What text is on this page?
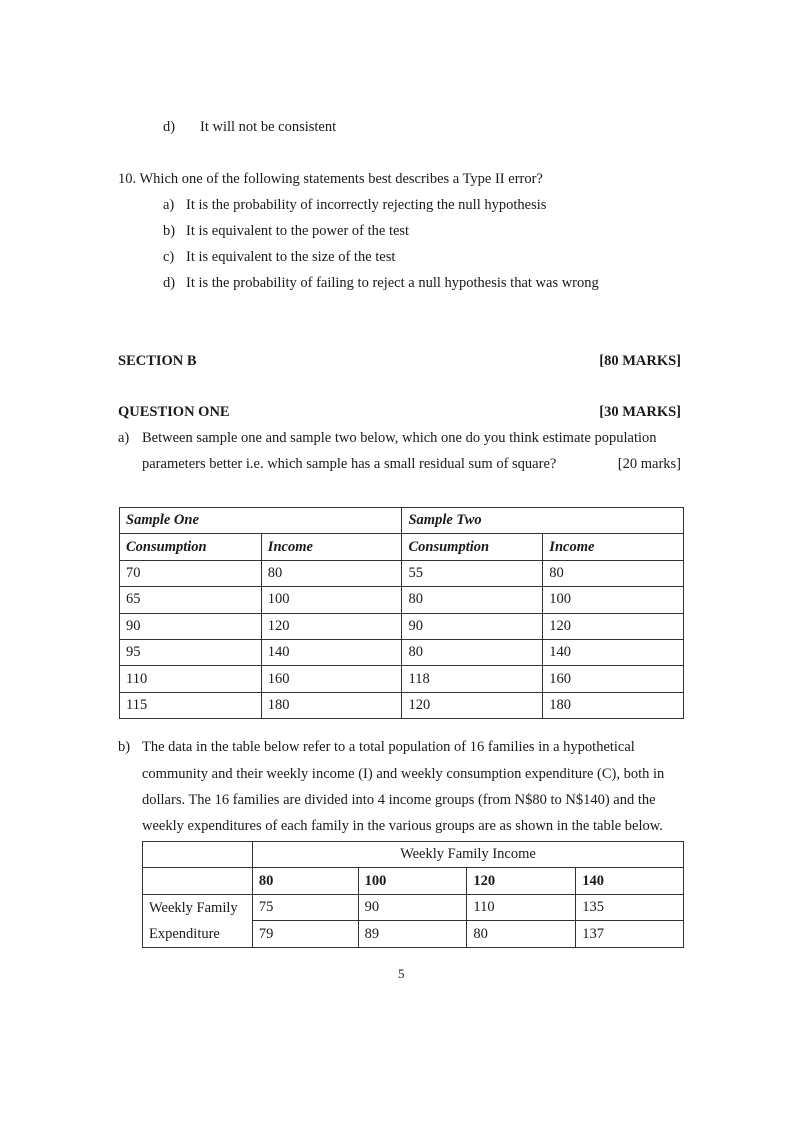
d) It will not be consistent
10. Which one of the following statements best describes a Type II error?
a) It is the probability of incorrectly rejecting the null hypothesis
b) It is equivalent to the power of the test
c) It is equivalent to the size of the test
d) It is the probability of failing to reject a null hypothesis that was wrong
SECTION B	[80 MARKS]
QUESTION ONE	[30 MARKS]
a) Between sample one and sample two below, which one do you think estimate population
parameters better i.e. which sample has a small residual sum of square?	[20 marks]
Sample One		Sample Two	
Consumption	Income	Consumption	Income
70	80	55	80
65	100	80	100
90	120	90	120
95	140	80	140
110	160	118	160
115	180	120	180
b) The data in the table below refer to a total population of 16 families in a hypothetical
community and their weekly income (I) and weekly consumption expenditure (C), both in
dollars. The 16 families are divided into 4 income groups (from N$80 to N$140) and the
weekly expenditures of each family in the various groups are as shown in the table below.
	Weekly Family Income			
	80	100	120	140

Weekly Family
Expenditure	75	90	110	135
	79	89	80	137
5
